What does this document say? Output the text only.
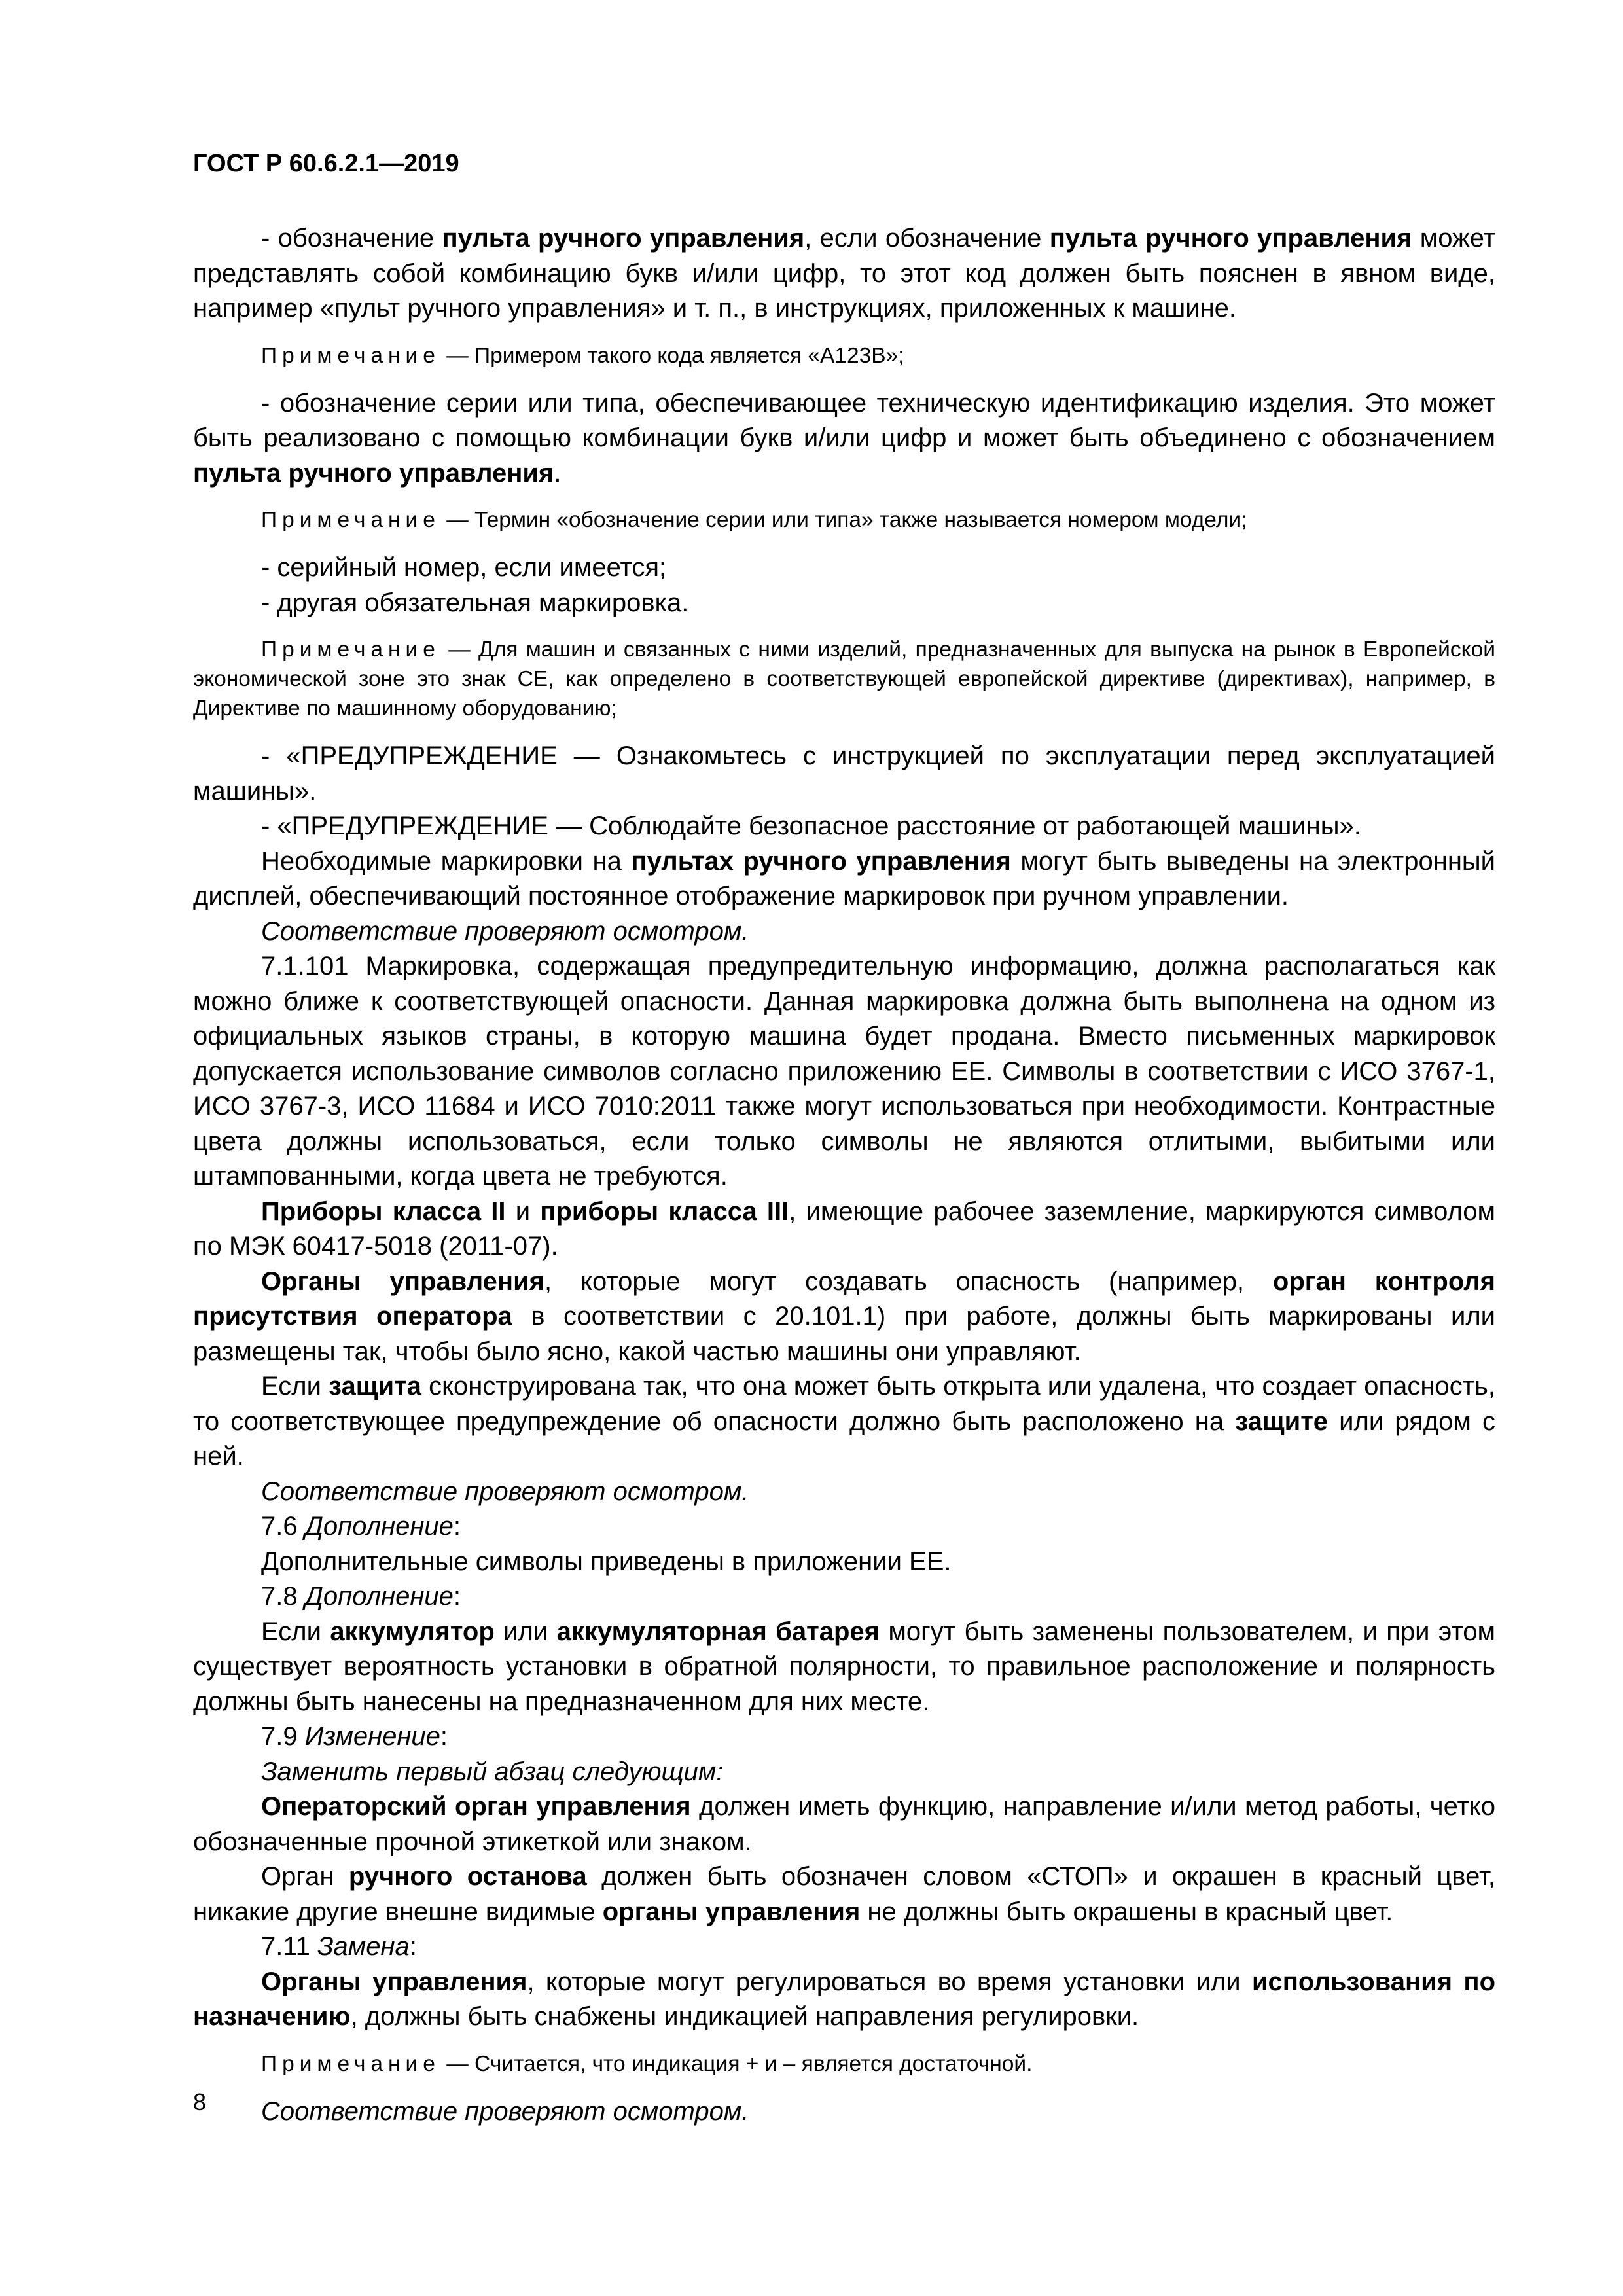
ГОСТ Р 60.6.2.1—2019

- обозначение пульта ручного управления, если обозначение пульта ручного управления может представлять собой комбинацию букв и/или цифр, то этот код должен быть пояснен в явном виде, например «пульт ручного управления» и т. п., в инструкциях, приложенных к машине.

Примечание — Примером такого кода является «А123В»;

- обозначение серии или типа, обеспечивающее техническую идентификацию изделия. Это может быть реализовано с помощью комбинации букв и/или цифр и может быть объединено с обозначением пульта ручного управления.

Примечание — Термин «обозначение серии или типа» также называется номером модели;

- серийный номер, если имеется;

- другая обязательная маркировка.

Примечание — Для машин и связанных с ними изделий, предназначенных для выпуска на рынок в Европейской экономической зоне это знак CE, как определено в соответствующей европейской директиве (директивах), например, в Директиве по машинному оборудованию;

- «ПРЕДУПРЕЖДЕНИЕ — Ознакомьтесь с инструкцией по эксплуатации перед эксплуатацией машины».

- «ПРЕДУПРЕЖДЕНИЕ — Соблюдайте безопасное расстояние от работающей машины».

Необходимые маркировки на пультах ручного управления могут быть выведены на электронный дисплей, обеспечивающий постоянное отображение маркировок при ручном управлении.

Соответствие проверяют осмотром.

7.1.101 Маркировка, содержащая предупредительную информацию, должна располагаться как можно ближе к соответствующей опасности. Данная маркировка должна быть выполнена на одном из официальных языков страны, в которую машина будет продана. Вместо письменных маркировок допускается использование символов согласно приложению ЕЕ. Символы в соответствии с ИСО 3767-1, ИСО 3767-3, ИСО 11684 и ИСО 7010:2011 также могут использоваться при необходимости. Контрастные цвета должны использоваться, если только символы не являются отлитыми, выбитыми или штампованными, когда цвета не требуются.

Приборы класса II и приборы класса III, имеющие рабочее заземление, маркируются символом по МЭК 60417-5018 (2011-07).

Органы управления, которые могут создавать опасность (например, орган контроля присутствия оператора в соответствии с 20.101.1) при работе, должны быть маркированы или размещены так, чтобы было ясно, какой частью машины они управляют.

Если защита сконструирована так, что она может быть открыта или удалена, что создает опасность, то соответствующее предупреждение об опасности должно быть расположено на защите или рядом с ней.

Соответствие проверяют осмотром.

7.6 Дополнение:

Дополнительные символы приведены в приложении ЕЕ.

7.8 Дополнение:

Если аккумулятор или аккумуляторная батарея могут быть заменены пользователем, и при этом существует вероятность установки в обратной полярности, то правильное расположение и полярность должны быть нанесены на предназначенном для них месте.

7.9 Изменение:

Заменить первый абзац следующим:

Операторский орган управления должен иметь функцию, направление и/или метод работы, четко обозначенные прочной этикеткой или знаком.

Орган ручного останова должен быть обозначен словом «СТОП» и окрашен в красный цвет, никакие другие внешне видимые органы управления не должны быть окрашены в красный цвет.

7.11 Замена:

Органы управления, которые могут регулироваться во время установки или использования по назначению, должны быть снабжены индикацией направления регулировки.

Примечание — Считается, что индикация + и – является достаточной.

Соответствие проверяют осмотром.

8
